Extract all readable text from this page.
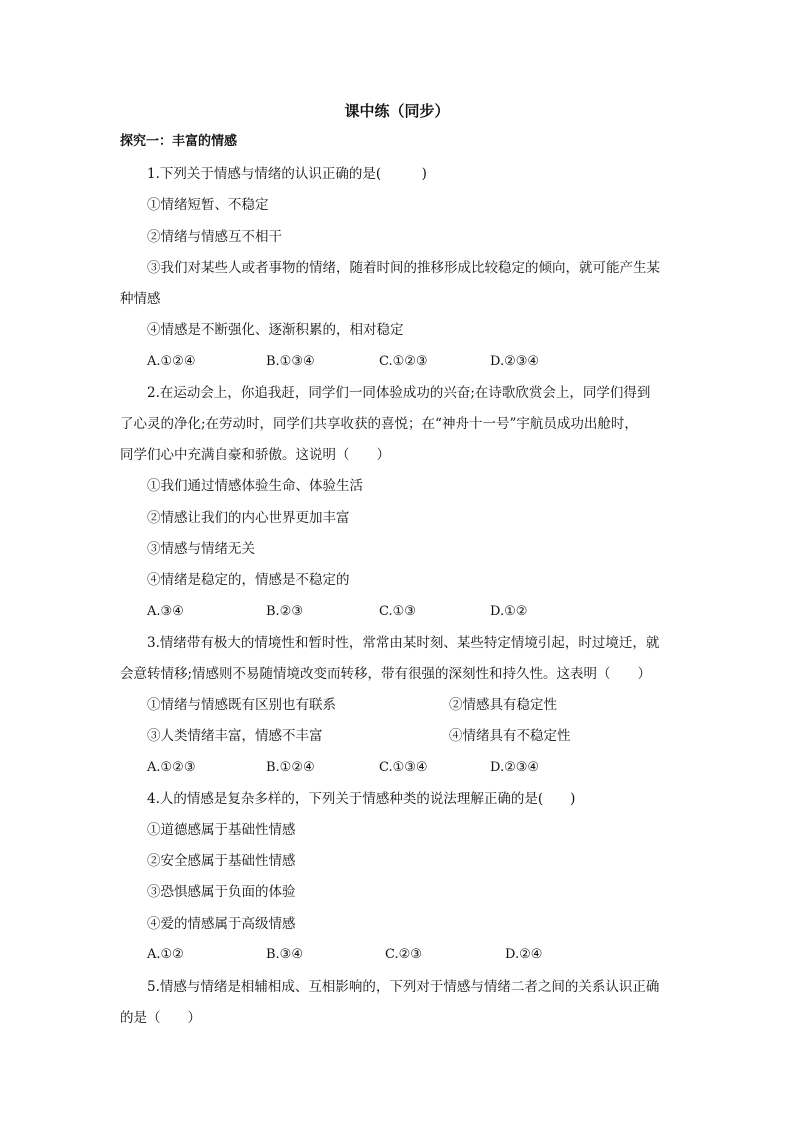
课中练（同步）
探究一：丰富的情感
1.下列关于情感与情绪的认识正确的是(　　　)
①情绪短暂、不稳定
②情绪与情感互不相干
③我们对某些人或者事物的情绪，随着时间的推移形成比较稳定的倾向，就可能产生某
种情感
④情感是不断强化、逐渐积累的，相对稳定
A.①②④	B.①③④	C.①②③	D.②③④
2.在运动会上，你追我赶，同学们一同体验成功的兴奋;在诗歌欣赏会上，同学们得到
了心灵的净化;在劳动时，同学们共享收获的喜悦；在“神舟十一号”宇航员成功出舱时，
同学们心中充满自豪和骄傲。这说明（　　）
①我们通过情感体验生命、体验生活
②情感让我们的内心世界更加丰富
③情感与情绪无关
④情绪是稳定的，情感是不稳定的
A.③④	B.②③	C.①③	D.①②
3.情绪带有极大的情境性和暂时性，常常由某时刻、某些特定情境引起，时过境迁，就
会意转情移;情感则不易随情境改变而转移，带有很强的深刻性和持久性。这表明（　　）
①情绪与情感既有区别也有联系	②情感具有稳定性
③人类情绪丰富，情感不丰富	④情绪具有不稳定性
A.①②③	B.①②④	C.①③④	D.②③④
4.人的情感是复杂多样的，下列关于情感种类的说法理解正确的是(　　)
①道德感属于基础性情感
②安全感属于基础性情感
③恐惧感属于负面的体验
④爱的情感属于高级情感
A.①②	B.③④	C.②③	D.②④
5.情感与情绪是相辅相成、互相影响的，下列对于情感与情绪二者之间的关系认识正确
的是（　　）
